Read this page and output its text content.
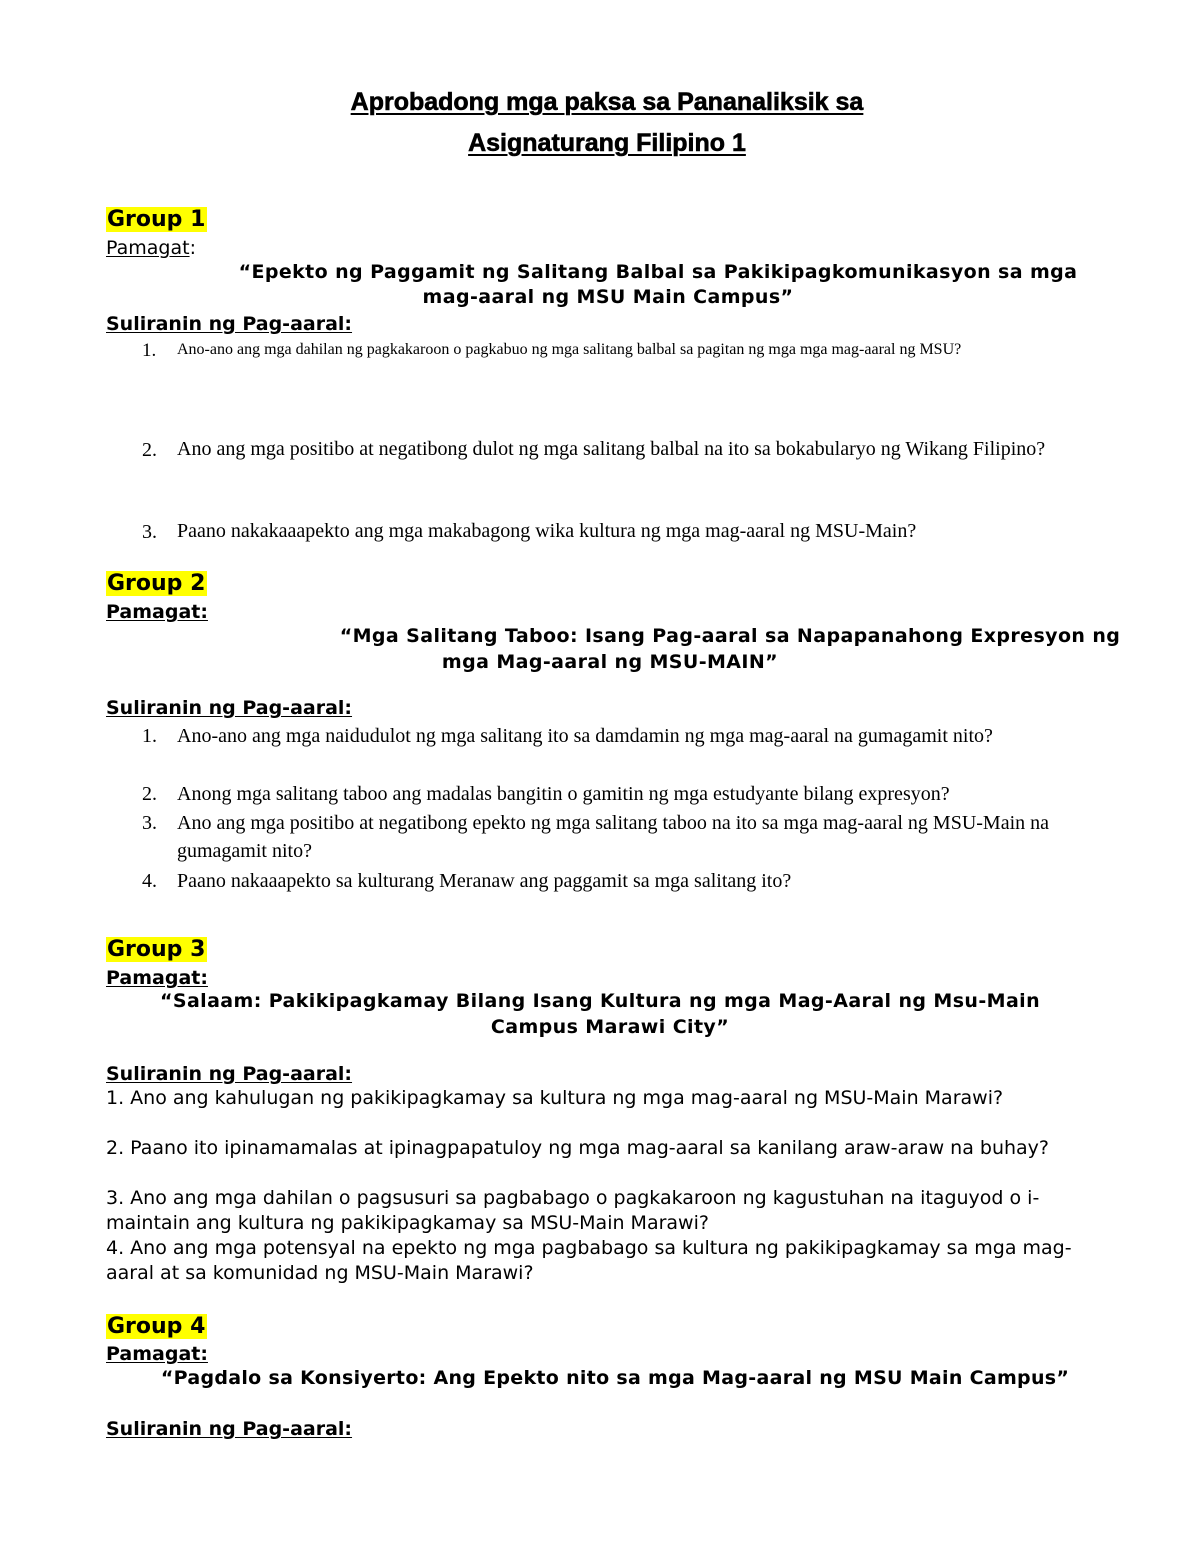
Aprobadong mga paksa sa Pananaliksik sa
Asignaturang Filipino 1
Group 1
Pamagat:
“Epekto ng Paggamit ng Salitang Balbal sa Pakikipagkomunikasyon sa mga
mag-aaral ng MSU Main Campus”
Suliranin ng Pag-aaral:
1. Ano-ano ang mga dahilan ng pagkakaroon o pagkabuo ng mga salitang balbal sa pagitan ng mga mga mag-aaral ng MSU?
2. Ano ang mga positibo at negatibong dulot ng mga salitang balbal na ito sa bokabularyo ng Wikang Filipino?
3. Paano nakakaaapekto ang mga makabagong wika kultura ng mga mag-aaral ng MSU-Main?
Group 2
Pamagat:
“Mga Salitang Taboo: Isang Pag-aaral sa Napapanahong Expresyon ng
mga Mag-aaral ng MSU-MAIN”
Suliranin ng Pag-aaral:
1. Ano-ano ang mga naidudulot ng mga salitang ito sa damdamin ng mga mag-aaral na gumagamit nito?
2. Anong mga salitang taboo ang madalas bangitin o gamitin ng mga estudyante bilang expresyon?
3. Ano ang mga positibo at negatibong epekto ng mga salitang taboo na ito sa mga mag-aaral ng MSU-Main na gumagamit nito?
4. Paano nakaaapekto sa kulturang Meranaw ang paggamit sa mga salitang ito?
Group 3
Pamagat:
“Salaam: Pakikipagkamay Bilang Isang Kultura ng mga Mag-Aaral ng Msu-Main
Campus Marawi City”
Suliranin ng Pag-aaral:
1. Ano ang kahulugan ng pakikipagkamay sa kultura ng mga mag-aaral ng MSU-Main Marawi?
2. Paano ito ipinamamalas at ipinagpapatuloy ng mga mag-aaral sa kanilang araw-araw na buhay?
3. Ano ang mga dahilan o pagsusuri sa pagbabago o pagkakaroon ng kagustuhan na itaguyod o i-maintain ang kultura ng pakikipagkamay sa MSU-Main Marawi?
4. Ano ang mga potensyal na epekto ng mga pagbabago sa kultura ng pakikipagkamay sa mga mag-aaral at sa komunidad ng MSU-Main Marawi?
Group 4
Pamagat:
“Pagdalo sa Konsiyerto: Ang Epekto nito sa mga Mag-aaral ng MSU Main Campus”
Suliranin ng Pag-aaral:
